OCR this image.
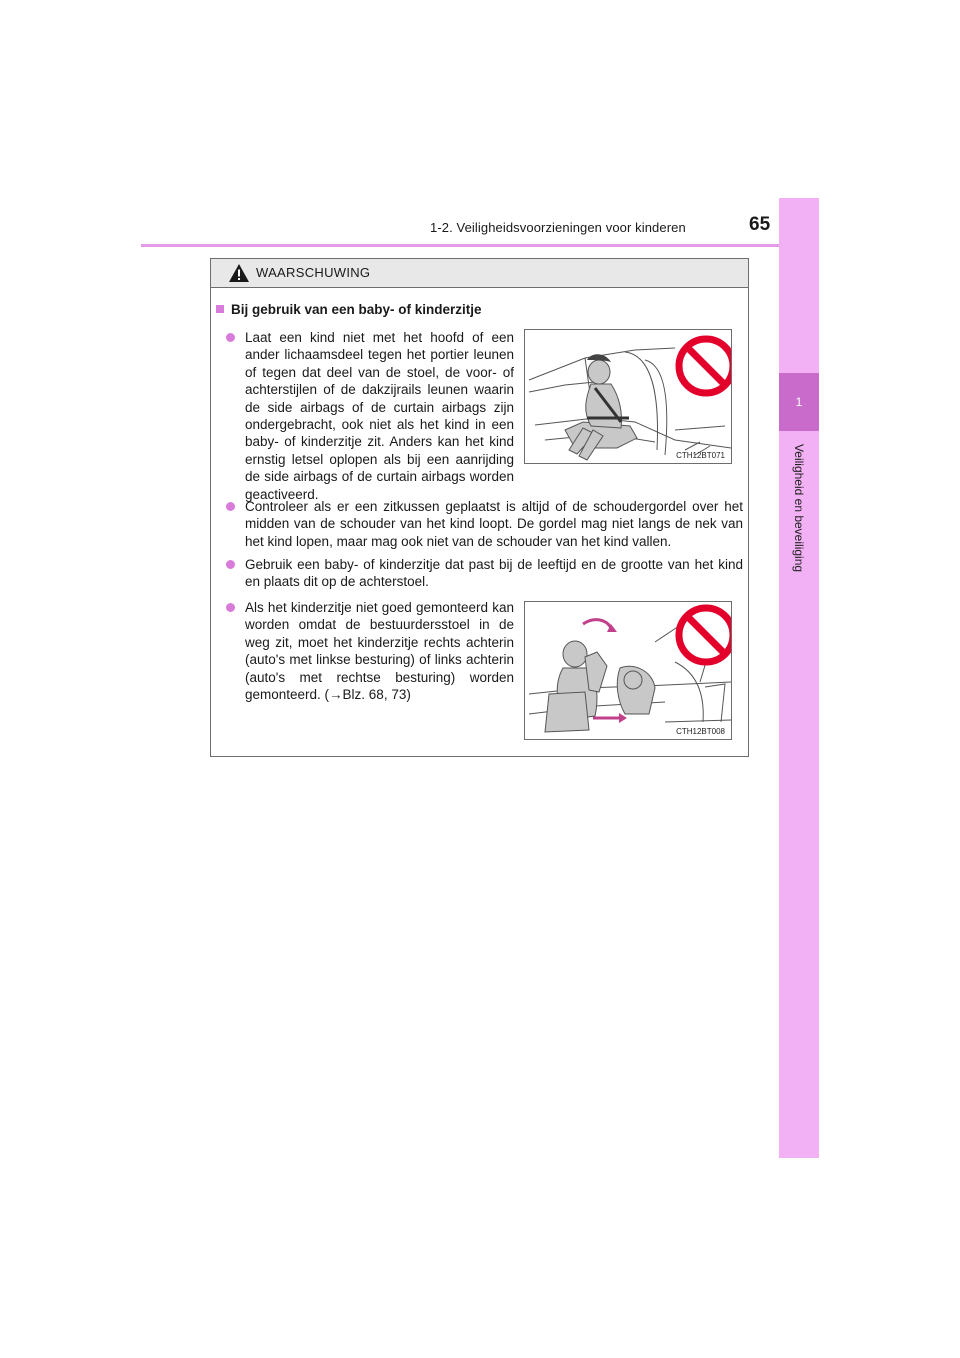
1-2. Veiligheidsvoorzieningen voor kinderen	65
1
Veiligheid en beveiliging
WAARSCHUWING
Bij gebruik van een baby- of kinderzitje
Laat een kind niet met het hoofd of een ander lichaamsdeel tegen het portier leunen of tegen dat deel van de stoel, de voor- of achterstijlen of de dakzijrails leunen waarin de side airbags of de curtain airbags zijn ondergebracht, ook niet als het kind in een baby- of kinderzitje zit. Anders kan het kind ernstig letsel oplopen als bij een aanrijding de side airbags of de curtain airbags worden geactiveerd.
CTH12BT071
Controleer als er een zitkussen geplaatst is altijd of de schoudergordel over het midden van de schouder van het kind loopt. De gordel mag niet langs de nek van het kind lopen, maar mag ook niet van de schouder van het kind vallen.
Gebruik een baby- of kinderzitje dat past bij de leeftijd en de grootte van het kind en plaats dit op de achterstoel.
Als het kinderzitje niet goed gemonteerd kan worden omdat de bestuurdersstoel in de weg zit, moet het kinderzitje rechts achterin (auto's met linkse besturing) of links achterin (auto's met rechtse besturing) worden gemonteerd. (→Blz. 68, 73)
CTH12BT008
